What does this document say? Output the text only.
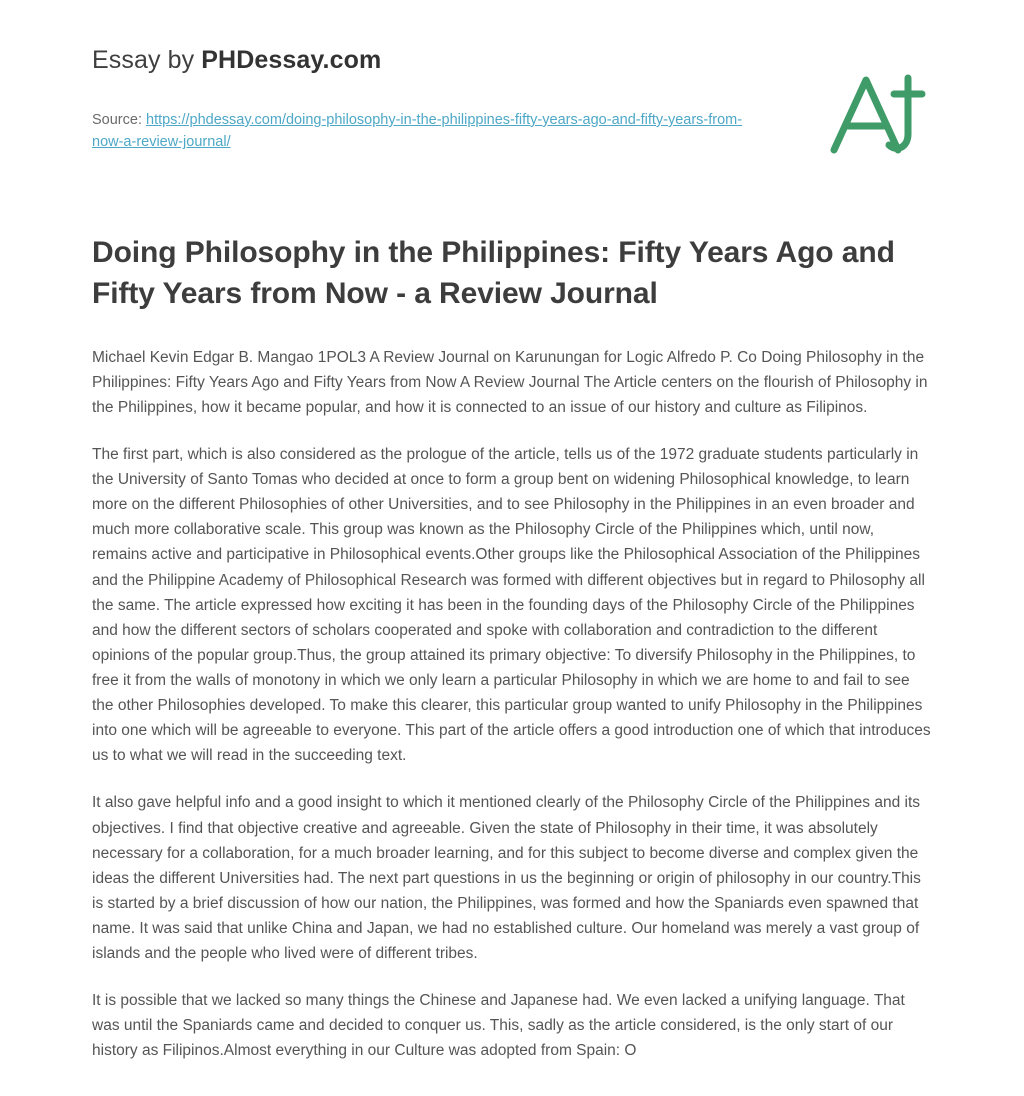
Essay by PHDessay.com
Source: https://phdessay.com/doing-philosophy-in-the-philippines-fifty-years-ago-and-fifty-years-from-now-a-review-journal/
Doing Philosophy in the Philippines: Fifty Years Ago and Fifty Years from Now - a Review Journal

Michael Kevin Edgar B. Mangao 1POL3 A Review Journal on Karunungan for Logic Alfredo P. Co Doing Philosophy in the Philippines: Fifty Years Ago and Fifty Years from Now A Review Journal The Article centers on the flourish of Philosophy in the Philippines, how it became popular, and how it is connected to an issue of our history and culture as Filipinos.

The first part, which is also considered as the prologue of the article, tells us of the 1972 graduate students particularly in the University of Santo Tomas who decided at once to form a group bent on widening Philosophical knowledge, to learn more on the different Philosophies of other Universities, and to see Philosophy in the Philippines in an even broader and much more collaborative scale. This group was known as the Philosophy Circle of the Philippines which, until now, remains active and participative in Philosophical events.Other groups like the Philosophical Association of the Philippines and the Philippine Academy of Philosophical Research was formed with different objectives but in regard to Philosophy all the same. The article expressed how exciting it has been in the founding days of the Philosophy Circle of the Philippines and how the different sectors of scholars cooperated and spoke with collaboration and contradiction to the different opinions of the popular group.Thus, the group attained its primary objective: To diversify Philosophy in the Philippines, to free it from the walls of monotony in which we only learn a particular Philosophy in which we are home to and fail to see the other Philosophies developed. To make this clearer, this particular group wanted to unify Philosophy in the Philippines into one which will be agreeable to everyone. This part of the article offers a good introduction one of which that introduces us to what we will read in the succeeding text.

It also gave helpful info and a good insight to which it mentioned clearly of the Philosophy Circle of the Philippines and its objectives. I find that objective creative and agreeable. Given the state of Philosophy in their time, it was absolutely necessary for a collaboration, for a much broader learning, and for this subject to become diverse and complex given the ideas the different Universities had. The next part questions in us the beginning or origin of philosophy in our country.This is started by a brief discussion of how our nation, the Philippines, was formed and how the Spaniards even spawned that name. It was said that unlike China and Japan, we had no established culture. Our homeland was merely a vast group of islands and the people who lived were of different tribes.

It is possible that we lacked so many things the Chinese and Japanese had. We even lacked a unifying language. That was until the Spaniards came and decided to conquer us. This, sadly as the article considered, is the only start of our history as Filipinos.Almost everything in our Culture was adopted from Spain: O
